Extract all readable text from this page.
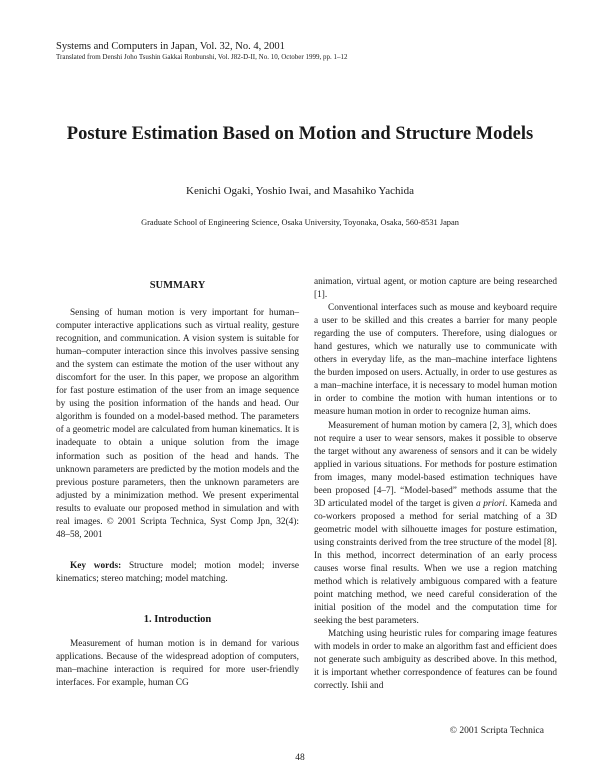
Systems and Computers in Japan, Vol. 32, No. 4, 2001
Translated from Denshi Joho Tsushin Gakkai Ronbunshi, Vol. J82-D-II, No. 10, October 1999, pp. 1–12
Posture Estimation Based on Motion and Structure Models
Kenichi Ogaki, Yoshio Iwai, and Masahiko Yachida
Graduate School of Engineering Science, Osaka University, Toyonaka, Osaka, 560-8531 Japan
SUMMARY

Sensing of human motion is very important for human–computer interactive applications such as virtual reality, gesture recognition, and communication. A vision system is suitable for human–computer interaction since this involves passive sensing and the system can estimate the motion of the user without any discomfort for the user. In this paper, we propose an algorithm for fast posture estimation of the user from an image sequence by using the position information of the hands and head. Our algorithm is founded on a model-based method. The parameters of a geometric model are calculated from human kinematics. It is inadequate to obtain a unique solution from the image information such as position of the head and hands. The unknown parameters are predicted by the motion models and the previous posture parameters, then the unknown parameters are adjusted by a minimization method. We present experimental results to evaluate our proposed method in simulation and with real images. © 2001 Scripta Technica, Syst Comp Jpn, 32(4): 48–58, 2001

Key words: Structure model; motion model; inverse kinematics; stereo matching; model matching.

1. Introduction

Measurement of human motion is in demand for various applications. Because of the widespread adoption of computers, man–machine interaction is required for more user-friendly interfaces. For example, human CG

animation, virtual agent, or motion capture are being researched [1].

Conventional interfaces such as mouse and keyboard require a user to be skilled and this creates a barrier for many people regarding the use of computers. Therefore, using dialogues or hand gestures, which we naturally use to communicate with others in everyday life, as the man–machine interface lightens the burden imposed on users. Actually, in order to use gestures as a man–machine interface, it is necessary to model human motion in order to combine the motion with human intentions or to measure human motion in order to recognize human aims.

Measurement of human motion by camera [2, 3], which does not require a user to wear sensors, makes it possible to observe the target without any awareness of sensors and it can be widely applied in various situations. For methods for posture estimation from images, many model-based estimation techniques have been proposed [4–7]. “Model-based” methods assume that the 3D articulated model of the target is given a priori. Kameda and co-workers proposed a method for serial matching of a 3D geometric model with silhouette images for posture estimation, using constraints derived from the tree structure of the model [8]. In this method, incorrect determination of an early process causes worse final results. When we use a region matching method which is relatively ambiguous compared with a feature point matching method, we need careful consideration of the initial position of the model and the computation time for seeking the best parameters.

Matching using heuristic rules for comparing image features with models in order to make an algorithm fast and efficient does not generate such ambiguity as described above. In this method, it is important whether correspondence of features can be found correctly. Ishii and

© 2001 Scripta Technica
48
